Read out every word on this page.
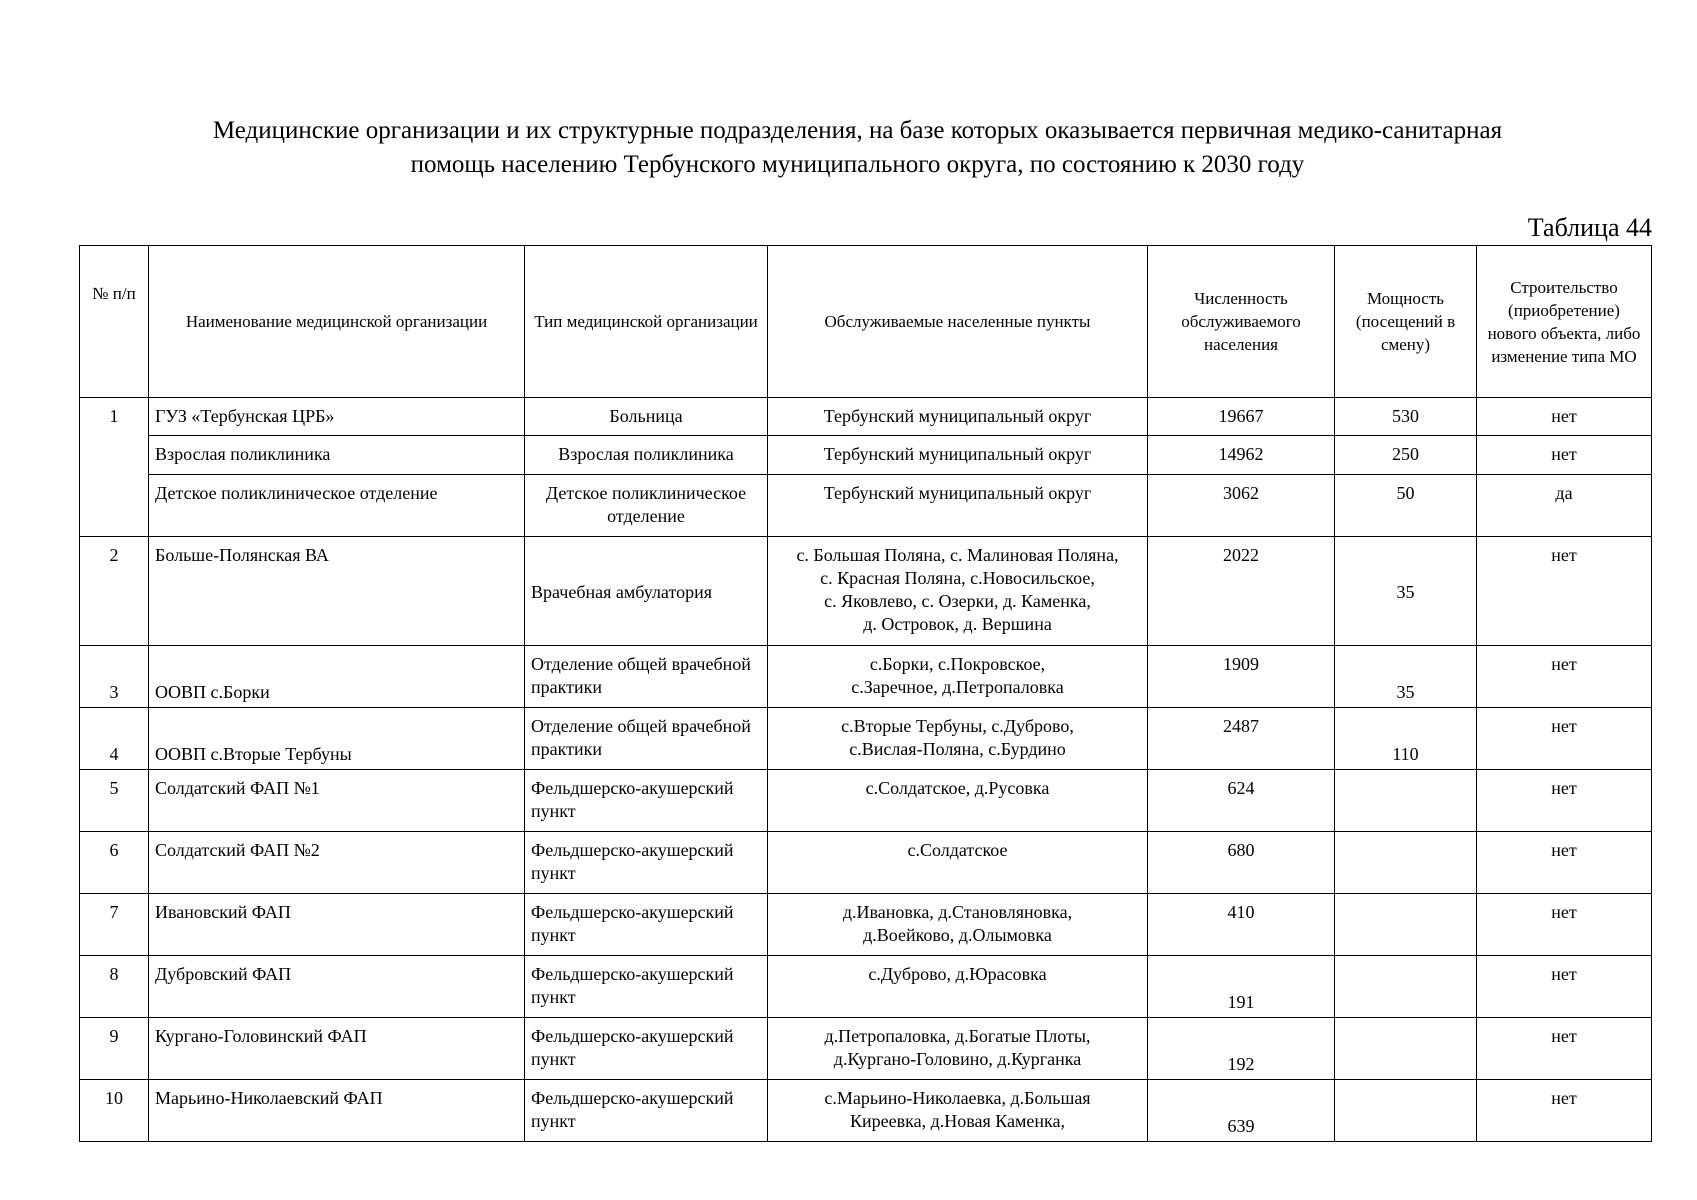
Медицинские организации и их структурные подразделения, на базе которых оказывается первичная медико-санитарная
помощь населению Тербунского муниципального округа, по состоянию к 2030 году
Таблица 44
№ п/п	Наименование медицинской организации	Тип медицинской организации	Обслуживаемые населенные пункты	Численность обслуживаемого населения	Мощность (посещений в смену)	Строительство (приобретение) нового объекта, либо изменение типа МО
1	ГУЗ «Тербунская ЦРБ»	Больница	Тербунский муниципальный округ	19667	530	нет
	Взрослая поликлиника	Взрослая поликлиника	Тербунский муниципальный округ	14962	250	нет
	Детское поликлиническое отделение	Детское поликлиническое отделение	Тербунский муниципальный округ	3062	50	да
2	Больше-Полянская ВА	Врачебная амбулатория	с. Большая Поляна, с. Малиновая Поляна,
с. Красная Поляна, с.Новосильское,
с. Яковлево, с. Озерки, д. Каменка,
д. Островок, д. Вершина	2022	35	нет
3	ООВП с.Борки	Отделение общей врачебной практики	с.Борки, с.Покровское,
с.Заречное, д.Петропаловка	1909	35	нет
4	ООВП с.Вторые Тербуны	Отделение общей врачебной практики	с.Вторые Тербуны, с.Дуброво,
с.Вислая-Поляна, с.Бурдино	2487	110	нет
5	Солдатский ФАП №1	Фельдшерско-акушерский пункт	с.Солдатское, д.Русовка	624		нет
6	Солдатский ФАП №2	Фельдшерско-акушерский пункт	с.Солдатское	680		нет
7	Ивановский ФАП	Фельдшерско-акушерский пункт	д.Ивановка, д.Становляновка,
д.Воейково, д.Олымовка	410		нет
8	Дубровский ФАП	Фельдшерско-акушерский пункт	с.Дуброво, д.Юрасовка	191		нет
9	Кургано-Головинский ФАП	Фельдшерско-акушерский пункт	д.Петропаловка, д.Богатые Плоты,
д.Кургано-Головино, д.Курганка	192		нет
10	Марьино-Николаевский ФАП	Фельдшерско-акушерский пункт	с.Марьино-Николаевка, д.Большая
Киреевка, д.Новая Каменка,	639		нет
